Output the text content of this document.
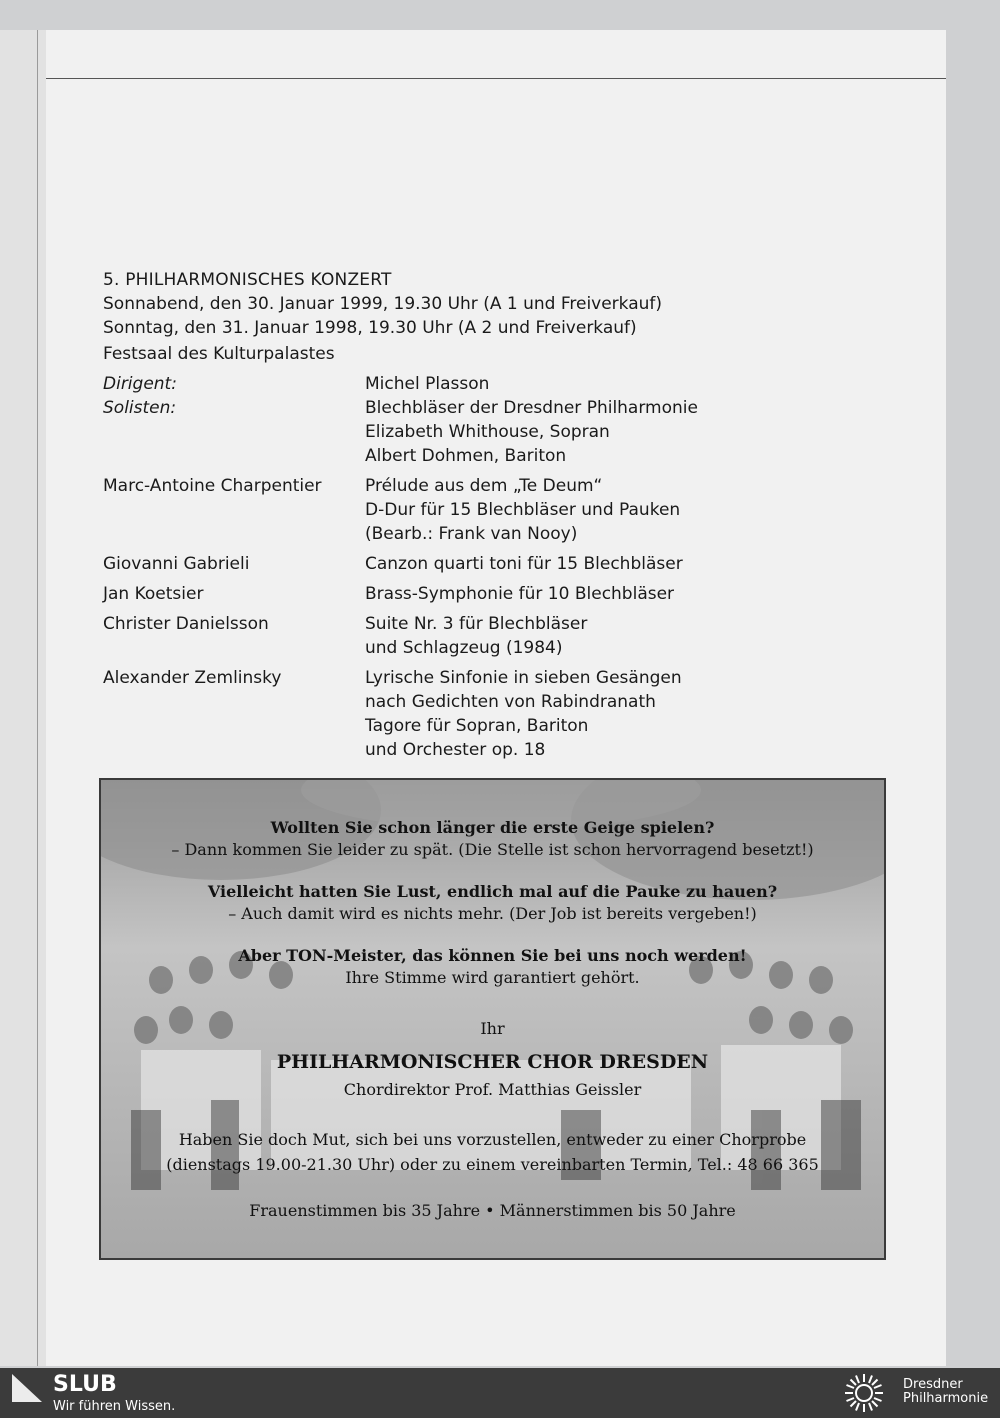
5. PHILHARMONISCHES KONZERT
Sonnabend, den 30. Januar 1999, 19.30 Uhr (A 1 und Freiverkauf)
Sonntag, den 31. Januar 1998, 19.30 Uhr (A 2 und Freiverkauf)
Festsaal des Kulturpalastes
Dirigent:	Michel Plasson
Solisten:	Blechbläser der Dresdner Philharmonie
Elizabeth Whithouse, Sopran
Albert Dohmen, Bariton
Marc-Antoine Charpentier	Prélude aus dem „Te Deum“
D-Dur für 15 Blechbläser und Pauken
(Bearb.: Frank van Nooy)
Giovanni Gabrieli	Canzon quarti toni für 15 Blechbläser
Jan Koetsier	Brass-Symphonie für 10 Blechbläser
Christer Danielsson	Suite Nr. 3 für Blechbläser
und Schlagzeug (1984)
Alexander Zemlinsky	Lyrische Sinfonie in sieben Gesängen
nach Gedichten von Rabindranath
Tagore für Sopran, Bariton
und Orchester op. 18
Wollten Sie schon länger die erste Geige spielen?
– Dann kommen Sie leider zu spät. (Die Stelle ist schon hervorragend besetzt!)
Vielleicht hatten Sie Lust, endlich mal auf die Pauke zu hauen?
– Auch damit wird es nichts mehr. (Der Job ist bereits vergeben!)
Aber TON-Meister, das können Sie bei uns noch werden!
Ihre Stimme wird garantiert gehört.
Ihr
PHILHARMONISCHER CHOR DRESDEN
Chordirektor Prof. Matthias Geissler
Haben Sie doch Mut, sich bei uns vorzustellen, entweder zu einer Chorprobe
(dienstags 19.00-21.30 Uhr) oder zu einem vereinbarten Termin, Tel.: 48 66 365
Frauenstimmen bis 35 Jahre • Männerstimmen bis 50 Jahre
SLUB
Wir führen Wissen.
Dresdner
Philharmonie
